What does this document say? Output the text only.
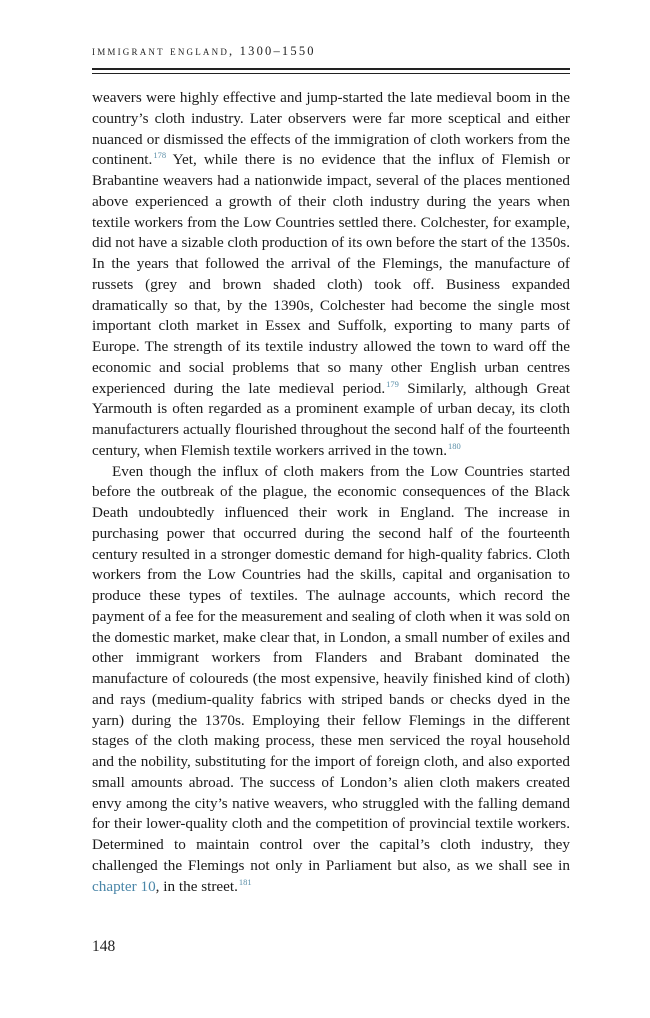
immigrant england, 1300–1550

weavers were highly effective and jump-started the late medieval boom in the country’s cloth industry. Later observers were far more sceptical and either nuanced or dismissed the effects of the immigration of cloth workers from the continent.$^{178}$ Yet, while there is no evidence that the influx of Flemish or Brabantine weavers had a nationwide impact, several of the places mentioned above experienced a growth of their cloth industry during the years when textile workers from the Low Countries settled there. Colchester, for example, did not have a sizable cloth production of its own before the start of the 1350s. In the years that followed the arrival of the Flemings, the manufacture of russets (grey and brown shaded cloth) took off. Business expanded dramatically so that, by the 1390s, Colchester had become the single most important cloth market in Essex and Suffolk, exporting to many parts of Europe. The strength of its textile industry allowed the town to ward off the economic and social problems that so many other English urban centres experienced during the late medieval period.$^{179}$ Similarly, although Great Yarmouth is often regarded as a prominent example of urban decay, its cloth manufacturers actually flourished throughout the second half of the fourteenth century, when Flemish textile workers arrived in the town.$^{180}$

Even though the influx of cloth makers from the Low Countries started before the outbreak of the plague, the economic consequences of the Black Death undoubtedly influenced their work in England. The increase in purchasing power that occurred during the second half of the fourteenth century resulted in a stronger domestic demand for high-quality fabrics. Cloth workers from the Low Countries had the skills, capital and organisation to produce these types of textiles. The aulnage accounts, which record the payment of a fee for the measurement and sealing of cloth when it was sold on the domestic market, make clear that, in London, a small number of exiles and other immigrant workers from Flanders and Brabant dominated the manufacture of coloureds (the most expensive, heavily finished kind of cloth) and rays (medium-quality fabrics with striped bands or checks dyed in the yarn) during the 1370s. Employing their fellow Flemings in the different stages of the cloth making process, these men serviced the royal household and the nobility, substituting for the import of foreign cloth, and also exported small amounts abroad. The success of London’s alien cloth makers created envy among the city’s native weavers, who struggled with the falling demand for their lower-quality cloth and the competition of provincial textile workers. Determined to maintain control over the capital’s cloth industry, they challenged the Flemings not only in Parliament but also, as we shall see in chapter 10, in the street.$^{181}$

148
